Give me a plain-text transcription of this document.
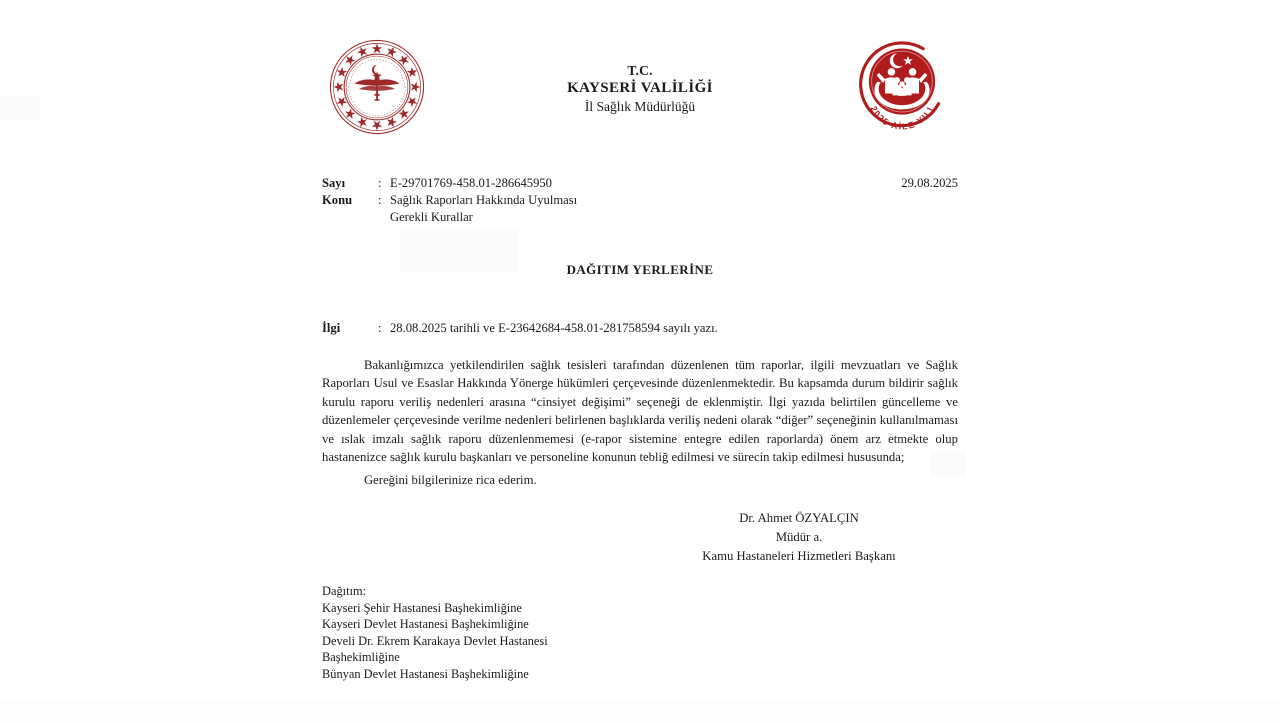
T.C.
KAYSERİ VALİLİĞİ
İl Sağlık Müdürlüğü	2025 AİLE YILI
Sayı	: E-29701769-458.01-286645950	29.08.2025
Konu : Sağlık Raporları Hakkında Uyulması
Gerekli Kurallar
DAĞITIM YERLERİNE
İlgi	: 28.08.2025 tarihli ve E-23642684-458.01-281758594 sayılı yazı.
Bakanlığımızca yetkilendirilen sağlık tesisleri tarafından düzenlenen tüm raporlar, ilgili mevzuatları ve Sağlık Raporları Usul ve Esaslar Hakkında Yönerge hükümleri çerçevesinde düzenlenmektedir. Bu kapsamda durum bildirir sağlık kurulu raporu veriliş nedenleri arasına “cinsiyet değişimi” seçeneği de eklenmiştir. İlgi yazıda belirtilen güncelleme ve düzenlemeler çerçevesinde verilme nedenleri belirlenen başlıklarda veriliş nedeni olarak “diğer” seçeneğinin kullanılmaması ve ıslak imzalı sağlık raporu düzenlenmemesi (e-rapor sistemine entegre edilen raporlarda) önem arz etmekte olup hastanenizce sağlık kurulu başkanları ve personeline konunun tebliğ edilmesi ve sürecin takip edilmesi hususunda;
Gereğini bilgilerinize rica ederim.
Dr. Ahmet ÖZYALÇIN
Müdür a.
Kamu Hastaneleri Hizmetleri Başkanı
Dağıtım:
Kayseri Şehir Hastanesi Başhekimliğine
Kayseri Devlet Hastanesi Başhekimliğine
Develi Dr. Ekrem Karakaya Devlet Hastanesi
Başhekimliğine
Bünyan Devlet Hastanesi Başhekimliğine
